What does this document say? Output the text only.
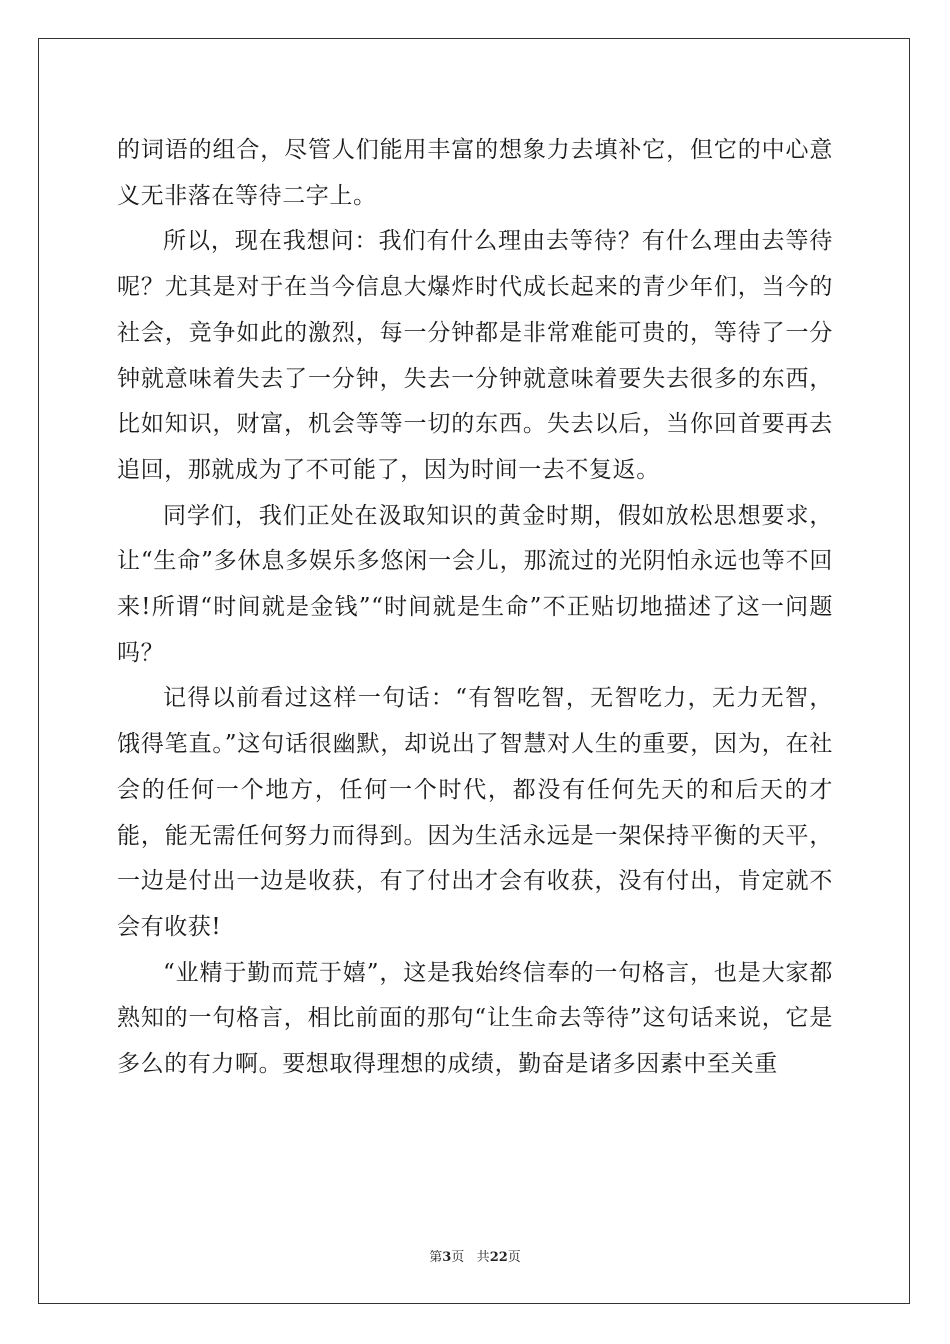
的词语的组合，尽管人们能用丰富的想象力去填补它，但它的中心意义无非落在等待二字上。

所以，现在我想问：我们有什么理由去等待？有什么理由去等待呢？尤其是对于在当今信息大爆炸时代成长起来的青少年们，当今的社会，竞争如此的激烈，每一分钟都是非常难能可贵的，等待了一分钟就意味着失去了一分钟，失去一分钟就意味着要失去很多的东西，比如知识，财富，机会等等一切的东西。失去以后，当你回首要再去追回，那就成为了不可能了，因为时间一去不复返。

同学们，我们正处在汲取知识的黄金时期，假如放松思想要求，让“生命”多休息多娱乐多悠闲一会儿，那流过的光阴怕永远也等不回来!所谓“时间就是金钱”“时间就是生命”不正贴切地描述了这一问题吗？

记得以前看过这样一句话：“有智吃智，无智吃力，无力无智，饿得笔直。”这句话很幽默，却说出了智慧对人生的重要，因为，在社会的任何一个地方，任何一个时代，都没有任何先天的和后天的才能，能无需任何努力而得到。因为生活永远是一架保持平衡的天平，一边是付出一边是收获，有了付出才会有收获，没有付出，肯定就不会有收获!

“业精于勤而荒于嬉”，这是我始终信奉的一句格言，也是大家都熟知的一句格言，相比前面的那句“让生命去等待”这句话来说，它是多么的有力啊。要想取得理想的成绩，勤奋是诸多因素中至关重

第3页 共22页
